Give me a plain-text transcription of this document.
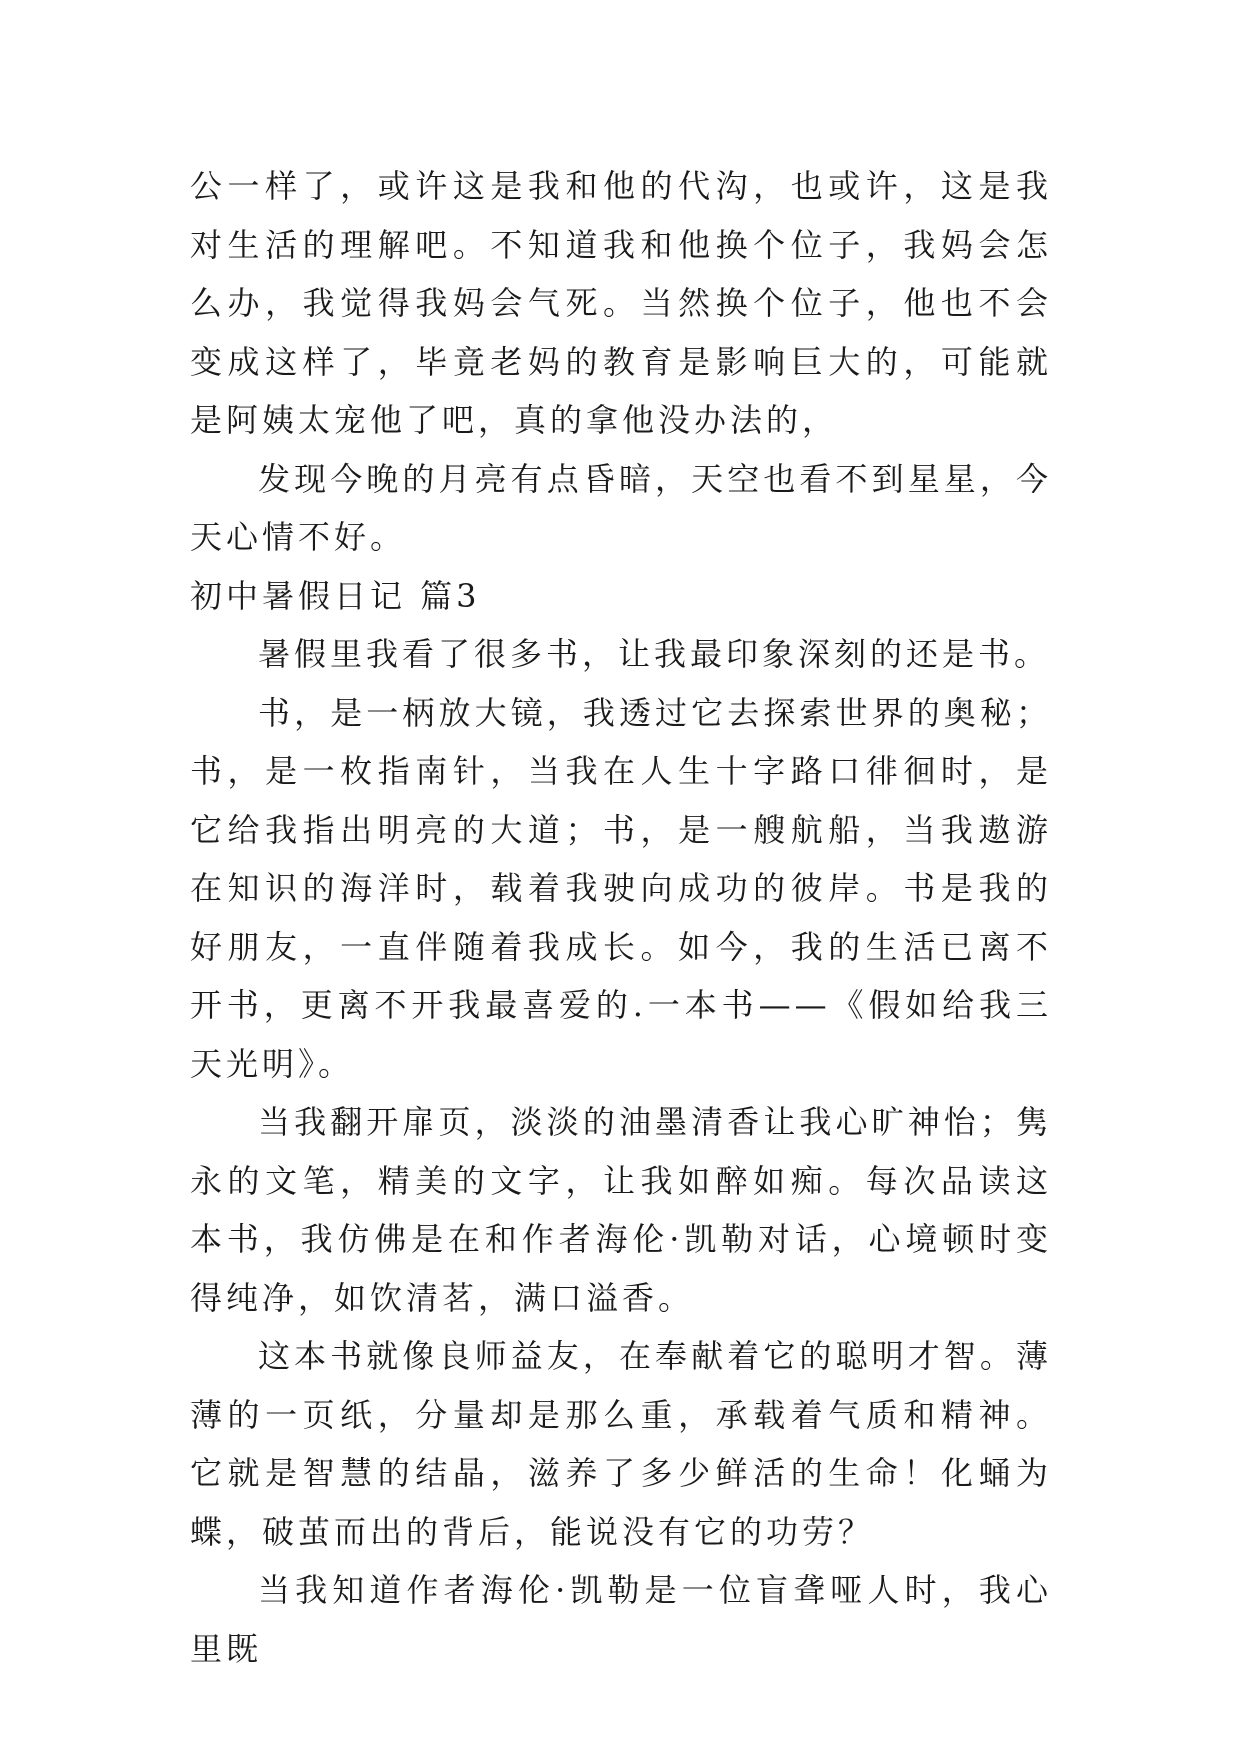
公一样了，或许这是我和他的代沟，也或许，这是我对生活的理解吧。不知道我和他换个位子，我妈会怎么办，我觉得我妈会气死。当然换个位子，他也不会变成这样了，毕竟老妈的教育是影响巨大的，可能就是阿姨太宠他了吧，真的拿他没办法的，

发现今晚的月亮有点昏暗，天空也看不到星星，今天心情不好。

初中暑假日记 篇3

暑假里我看了很多书，让我最印象深刻的还是书。

书，是一柄放大镜，我透过它去探索世界的奥秘；书，是一枚指南针，当我在人生十字路口徘徊时，是它给我指出明亮的大道；书，是一艘航船，当我遨游在知识的海洋时，载着我驶向成功的彼岸。书是我的好朋友，一直伴随着我成长。如今，我的生活已离不开书，更离不开我最喜爱的.一本书——《假如给我三天光明》。

当我翻开扉页，淡淡的油墨清香让我心旷神怡；隽永的文笔，精美的文字，让我如醉如痴。每次品读这本书，我仿佛是在和作者海伦·凯勒对话，心境顿时变得纯净，如饮清茗，满口溢香。

这本书就像良师益友，在奉献着它的聪明才智。薄薄的一页纸，分量却是那么重，承载着气质和精神。它就是智慧的结晶，滋养了多少鲜活的生命！化蛹为蝶，破茧而出的背后，能说没有它的功劳？

当我知道作者海伦·凯勒是一位盲聋哑人时，我心里既
